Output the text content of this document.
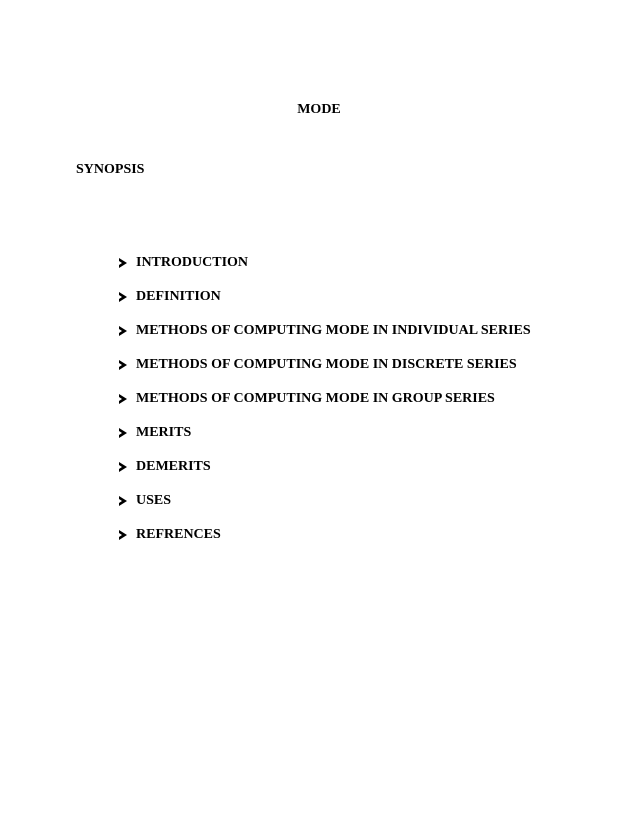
MODE
SYNOPSIS
INTRODUCTION
DEFINITION
METHODS OF COMPUTING MODE IN INDIVIDUAL SERIES
METHODS OF COMPUTING MODE IN DISCRETE SERIES
METHODS OF COMPUTING MODE IN GROUP SERIES
MERITS
DEMERITS
USES
REFRENCES
